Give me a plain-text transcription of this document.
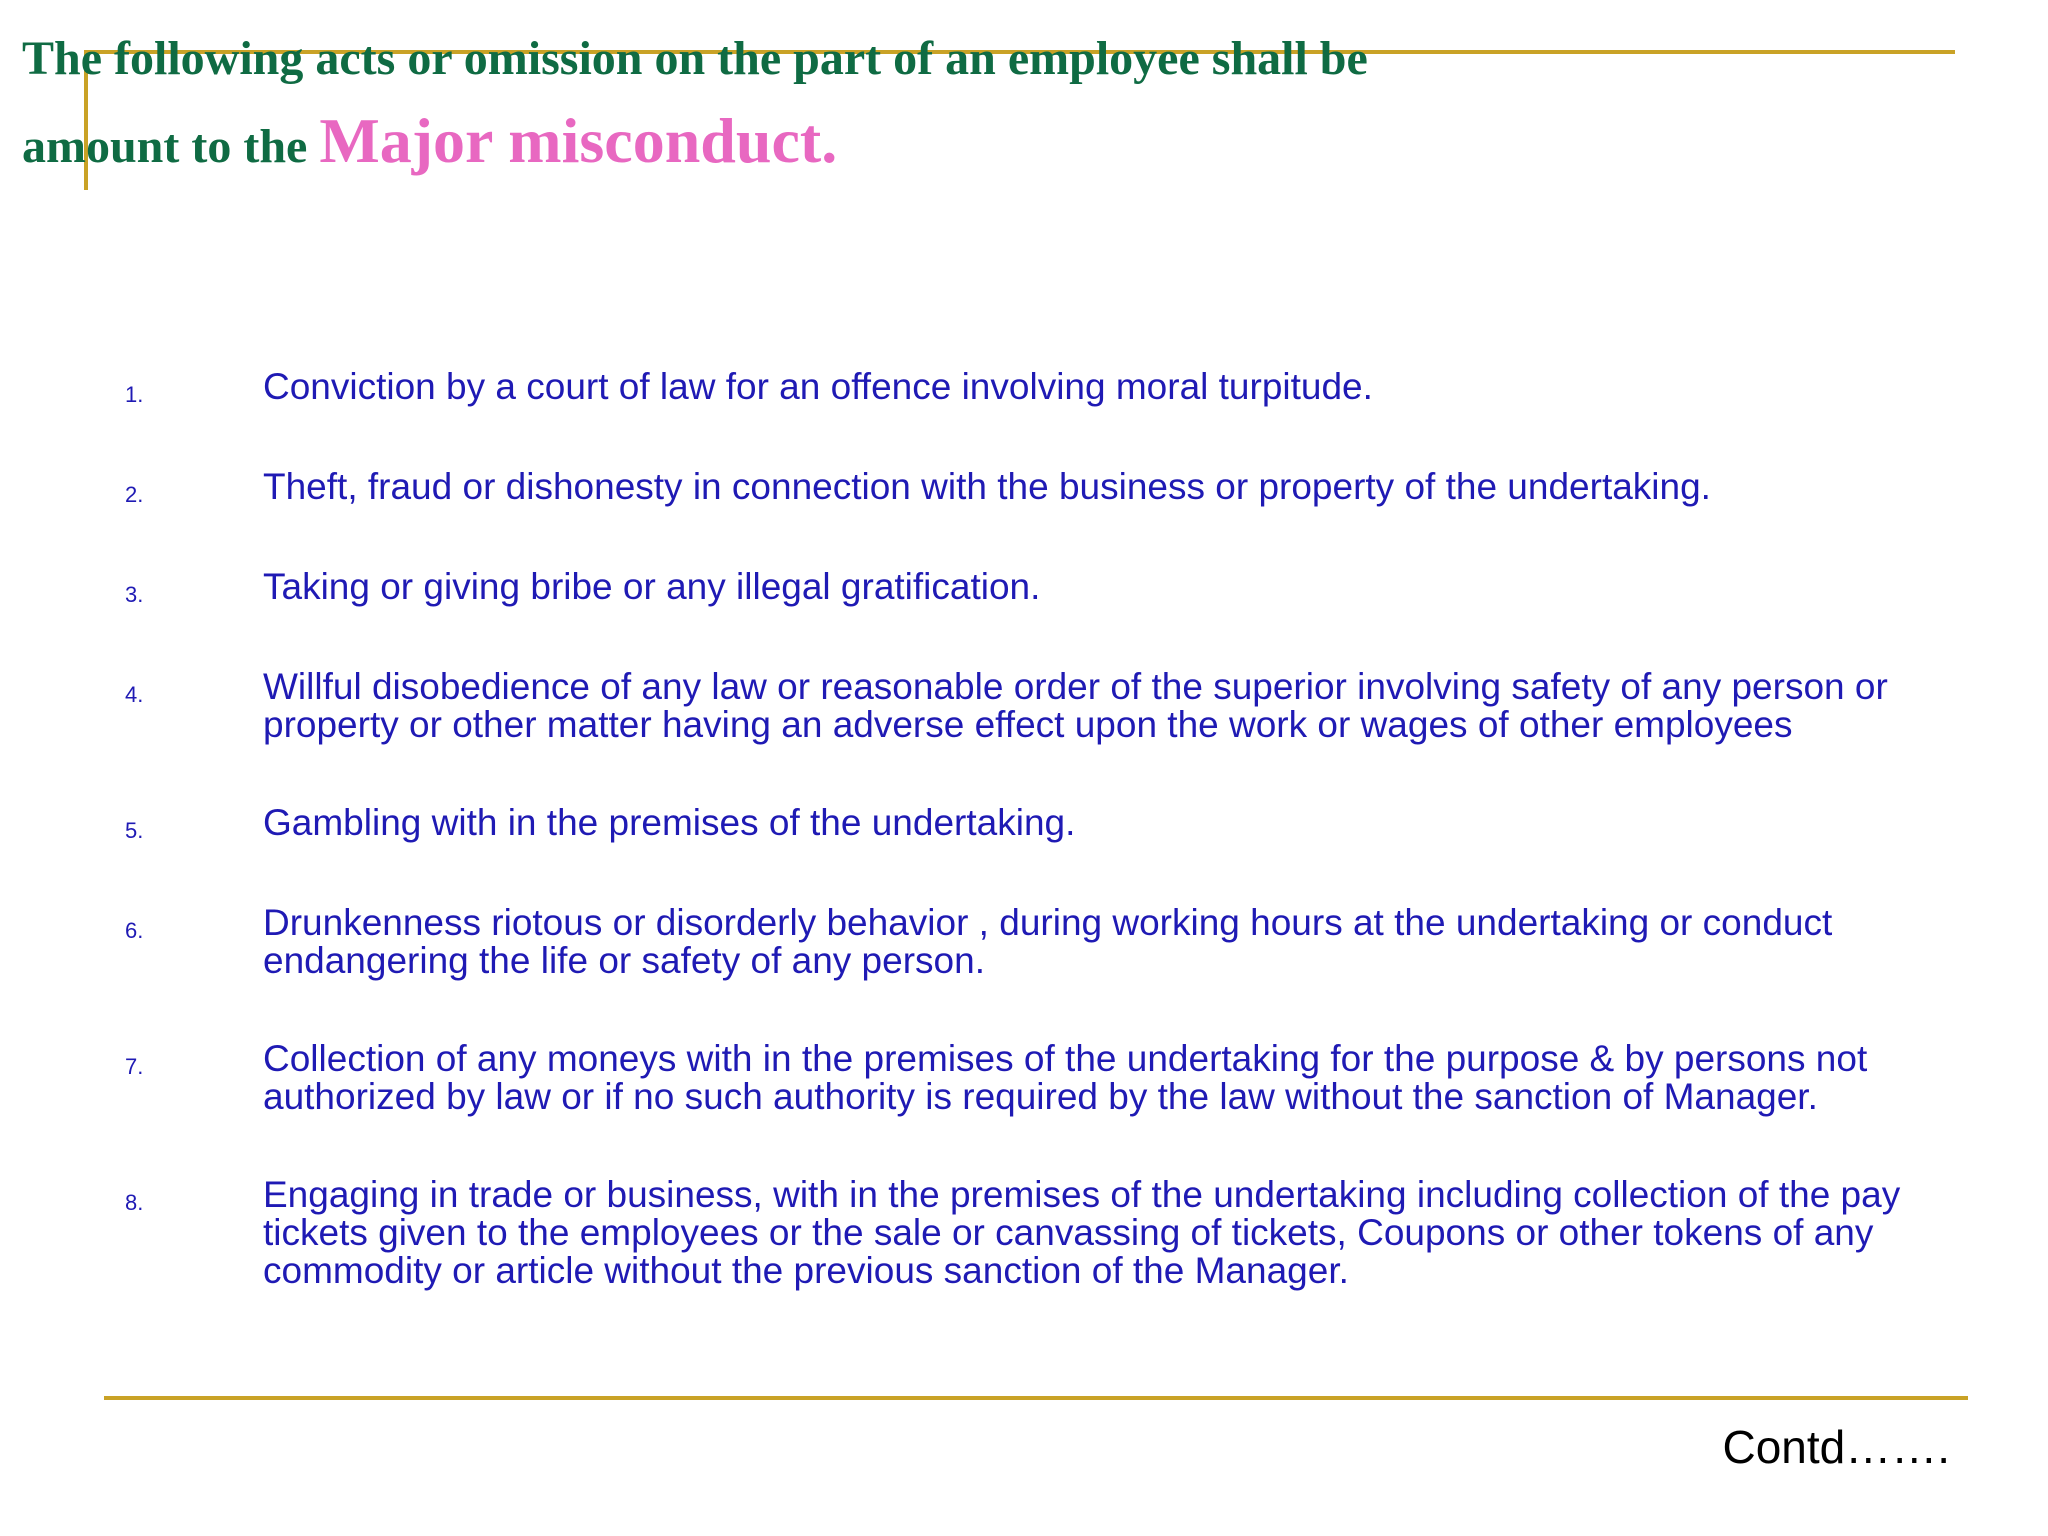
The following acts or omission on the part of an employee shall be
amount to the Major misconduct.
1.	Conviction by a court of law for an offence involving moral turpitude.
2.	Theft, fraud or dishonesty in connection with the business or property of the undertaking.
3.	Taking or giving bribe or any illegal gratification.
4.	Willful disobedience of any law or reasonable order of the superior involving safety of any person or property or other matter having an adverse effect upon the work or wages of other employees
5.	Gambling with in the premises of the undertaking.
6.	Drunkenness riotous or disorderly behavior , during working hours at the undertaking or conduct endangering the life or safety of any person.
7.	Collection of any moneys with in the premises of the undertaking for the purpose & by persons not authorized by law or if no such authority is required by the law without the sanction of Manager.
8.	Engaging in trade or business, with in the premises of the undertaking including collection of the pay tickets given to the employees or the sale or canvassing of tickets, Coupons or other tokens of any commodity or article without the previous sanction of the Manager.
Contd…….
